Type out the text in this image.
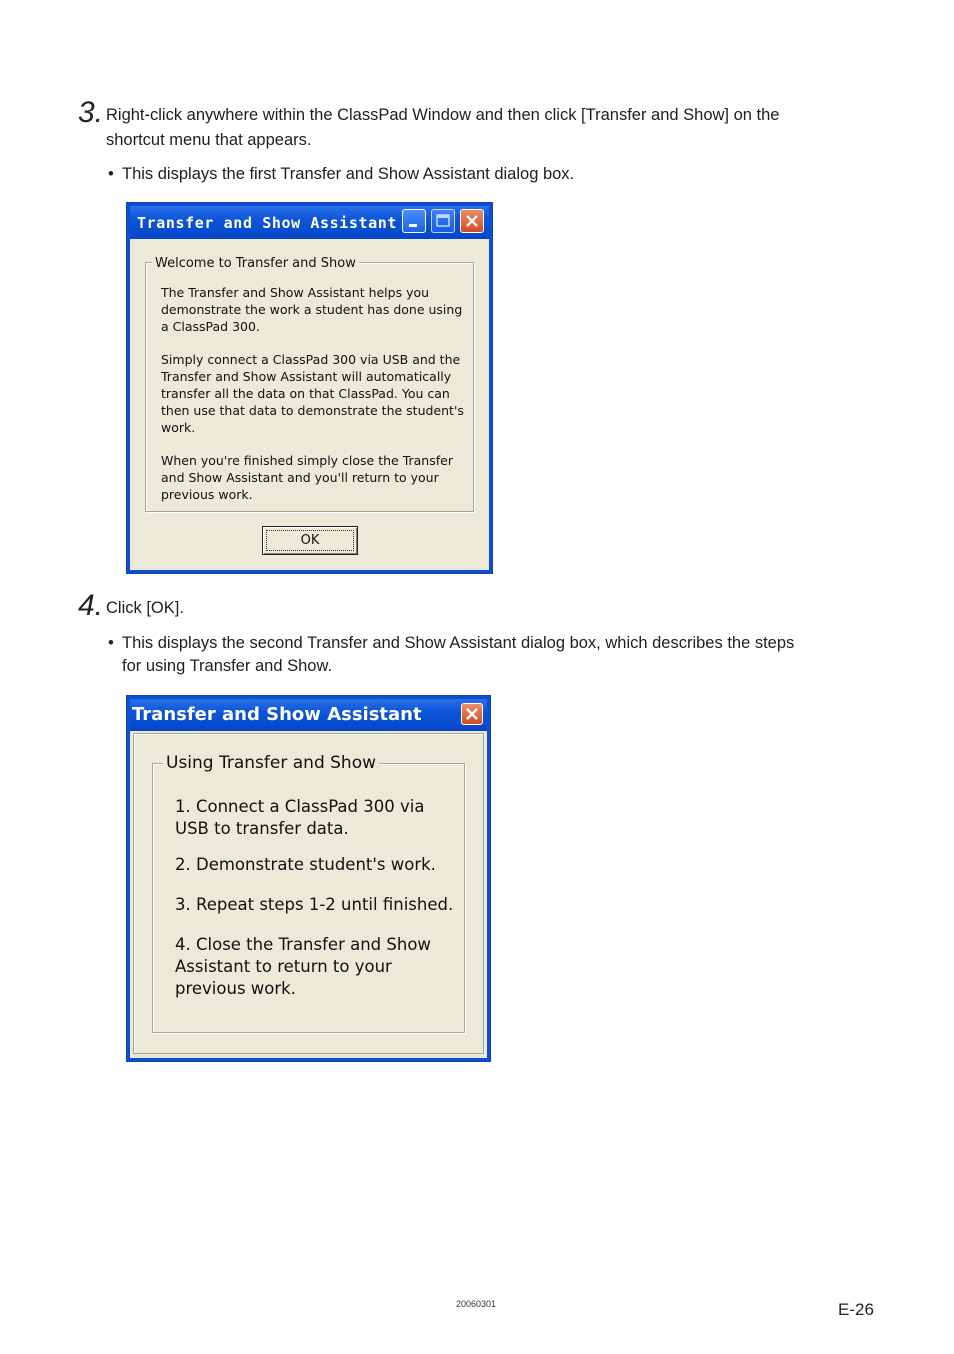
3. Right-click anywhere within the ClassPad Window and then click [Transfer and Show] on the
shortcut menu that appears.
• This displays the first Transfer and Show Assistant dialog box.
Transfer and Show Assistant
Welcome to Transfer and Show
The Transfer and Show Assistant helps you
demonstrate the work a student has done using
a ClassPad 300.
Simply connect a ClassPad 300 via USB and the
Transfer and Show Assistant will automatically
transfer all the data on that ClassPad. You can
then use that data to demonstrate the student's
work.
When you're finished simply close the Transfer
and Show Assistant and you'll return to your
previous work.
OK
4. Click [OK].
• This displays the second Transfer and Show Assistant dialog box, which describes the steps
for using Transfer and Show.
Transfer and Show Assistant
Using Transfer and Show
1. Connect a ClassPad 300 via
USB to transfer data.
2. Demonstrate student's work.
3. Repeat steps 1-2 until finished.
4. Close the Transfer and Show
Assistant to return to your
previous work.
20060301	E-26
